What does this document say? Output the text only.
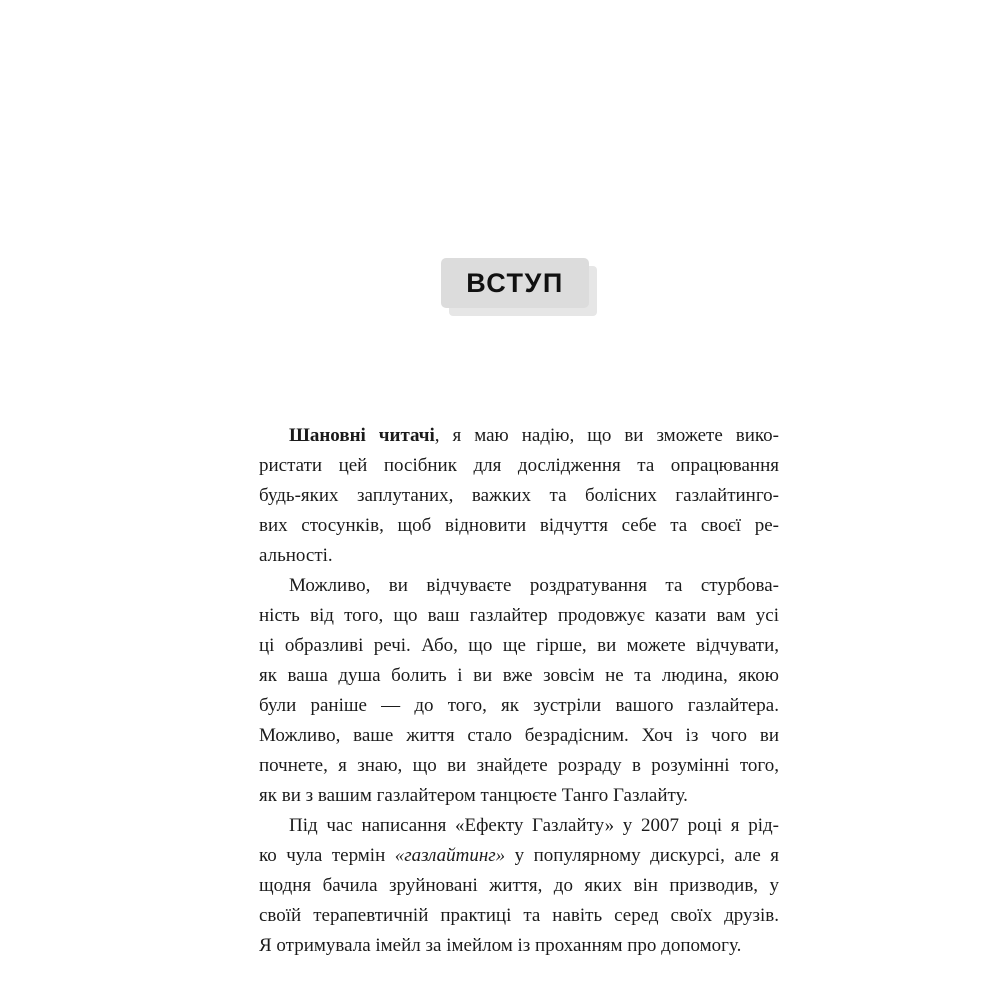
ВСТУП
Шановні читачі, я маю надію, що ви зможете вико-
ристати цей посібник для дослідження та опрацювання
будь-яких заплутаних, важких та болісних газлайтинго-
вих стосунків, щоб відновити відчуття себе та своєї ре-
альності.
Можливо, ви відчуваєте роздратування та стурбова-
ність від того, що ваш газлайтер продовжує казати вам усі
ці образливі речі. Або, що ще гірше, ви можете відчувати,
як ваша душа болить і ви вже зовсім не та людина, якою
були раніше — до того, як зустріли вашого газлайтера.
Можливо, ваше життя стало безрадісним. Хоч із чого ви
почнете, я знаю, що ви знайдете розраду в розумінні того,
як ви з вашим газлайтером танцюєте Танго Газлайту.
Під час написання «Ефекту Газлайту» у 2007 році я рід-
ко чула термін «газлайтинг» у популярному дискурсі, але я
щодня бачила зруйновані життя, до яких він призводив, у
своїй терапевтичній практиці та навіть серед своїх друзів.
Я отримувала імейл за імейлом із проханням про допомогу.
